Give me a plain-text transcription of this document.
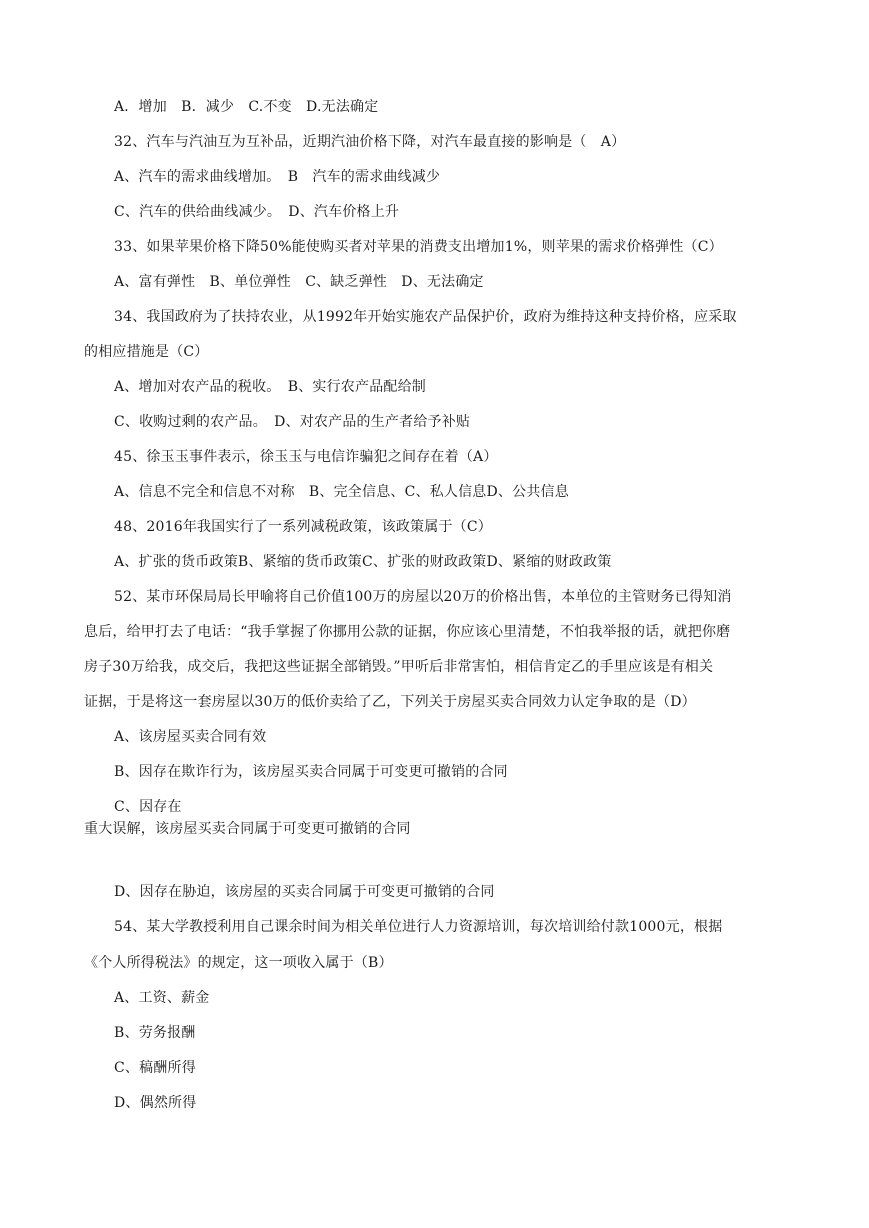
A．增加　B．减少　C.不变　D.无法确定
32、汽车与汽油互为互补品，近期汽油价格下降，对汽车最直接的影响是（　A）
A、汽车的需求曲线增加。　B　汽车的需求曲线减少
C、汽车的供给曲线减少。　D、汽车价格上升
33、如果苹果价格下降50%能使购买者对苹果的消费支出增加1%，则苹果的需求价格弹性（C）
A、富有弹性　B、单位弹性　C、缺乏弹性　D、无法确定
34、我国政府为了扶持农业，从1992年开始实施农产品保护价，政府为维持这种支持价格，应采取
的相应措施是（C）
A、增加对农产品的税收。　B、实行农产品配给制
C、收购过剩的农产品。　D、对农产品的生产者给予补贴
45、徐玉玉事件表示，徐玉玉与电信诈骗犯之间存在着（A）
A、信息不完全和信息不对称　B、完全信息、C、私人信息D、公共信息
48、2016年我国实行了一系列减税政策，该政策属于（C）
A、扩张的货币政策B、紧缩的货币政策C、扩张的财政政策D、紧缩的财政政策
52、某市环保局局长甲喻将自己价值100万的房屋以20万的价格出售，本单位的主管财务已得知消
息后，给甲打去了电话：“我手掌握了你挪用公款的证据，你应该心里清楚，不怕我举报的话，就把你磨
房子30万给我，成交后，我把这些证据全部销毁。”甲听后非常害怕，相信肯定乙的手里应该是有相关
证据，于是将这一套房屋以30万的低价卖给了乙，下列关于房屋买卖合同效力认定争取的是（D）
A、该房屋买卖合同有效
B、因存在欺诈行为，该房屋买卖合同属于可变更可撤销的合同
C、因存在
重大误解，该房屋买卖合同属于可变更可撤销的合同
D、因存在胁迫，该房屋的买卖合同属于可变更可撤销的合同
54、某大学教授利用自己课余时间为相关单位进行人力资源培训，每次培训给付款1000元，根据
《个人所得税法》的规定，这一项收入属于（B）
A、工资、薪金
B、劳务报酬
C、稿酬所得
D、偶然所得
